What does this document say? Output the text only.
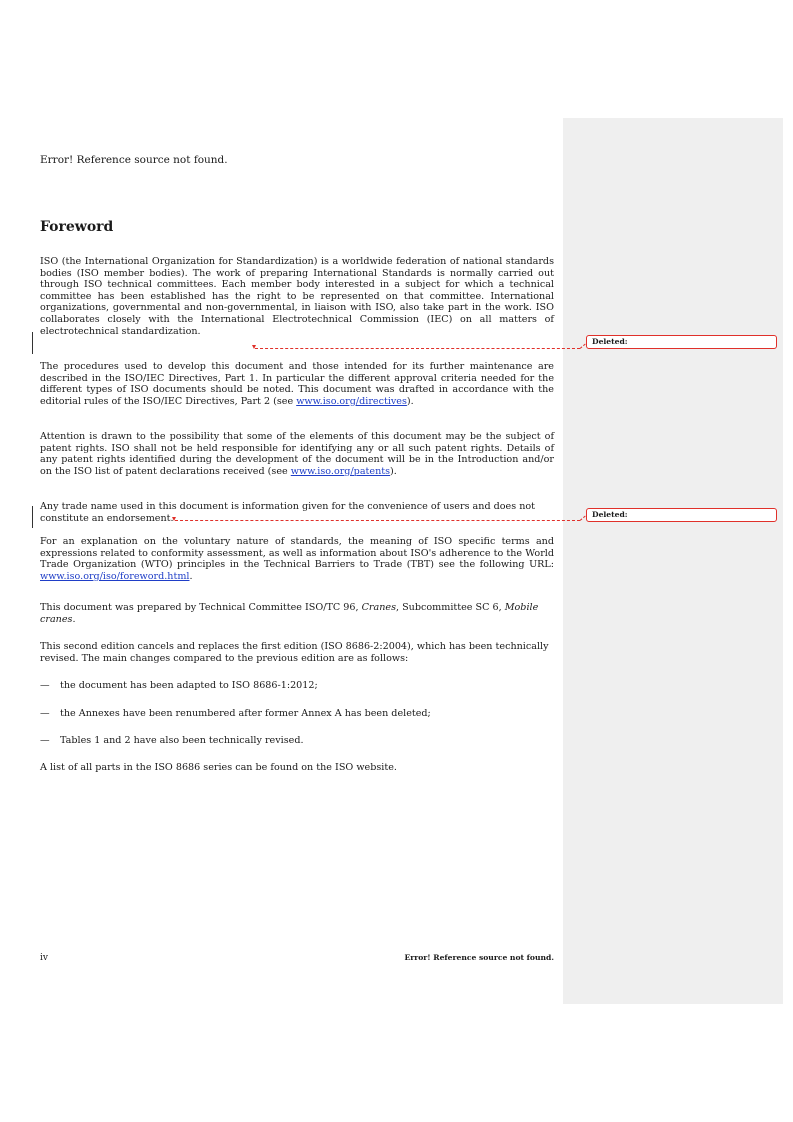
Error! Reference source not found.
Foreword

ISO (the International Organization for Standardization) is a worldwide federation of national standards bodies (ISO member bodies). The work of preparing International Standards is normally carried out through ISO technical committees. Each member body interested in a subject for which a technical committee has been established has the right to be represented on that committee. International organizations, governmental and non-governmental, in liaison with ISO, also take part in the work. ISO collaborates closely with the International Electrotechnical Commission (IEC) on all matters of electrotechnical standardization.

The procedures used to develop this document and those intended for its further maintenance are described in the ISO/IEC Directives, Part 1. In particular the different approval criteria needed for the different types of ISO documents should be noted. This document was drafted in accordance with the editorial rules of the ISO/IEC Directives, Part 2 (see www.iso.org/directives).

Attention is drawn to the possibility that some of the elements of this document may be the subject of patent rights. ISO shall not be held responsible for identifying any or all such patent rights. Details of any patent rights identified during the development of the document will be in the Introduction and/or on the ISO list of patent declarations received (see www.iso.org/patents).

Any trade name used in this document is information given for the convenience of users and does not constitute an endorsement.

For an explanation on the voluntary nature of standards, the meaning of ISO specific terms and expressions related to conformity assessment, as well as information about ISO's adherence to the World Trade Organization (WTO) principles in the Technical Barriers to Trade (TBT) see the following URL: www.iso.org/iso/foreword.html.

This document was prepared by Technical Committee ISO/TC 96, Cranes, Subcommittee SC 6, Mobile cranes.

This second edition cancels and replaces the first edition (ISO 8686-2:2004), which has been technically revised. The main changes compared to the previous edition are as follows:

— the document has been adapted to ISO 8686-1:2012;
— the Annexes have been renumbered after former Annex A has been deleted;
— Tables 1 and 2 have also been technically revised.

A list of all parts in the ISO 8686 series can be found on the ISO website.

Deleted:
Deleted:
iv	Error! Reference source not found.
